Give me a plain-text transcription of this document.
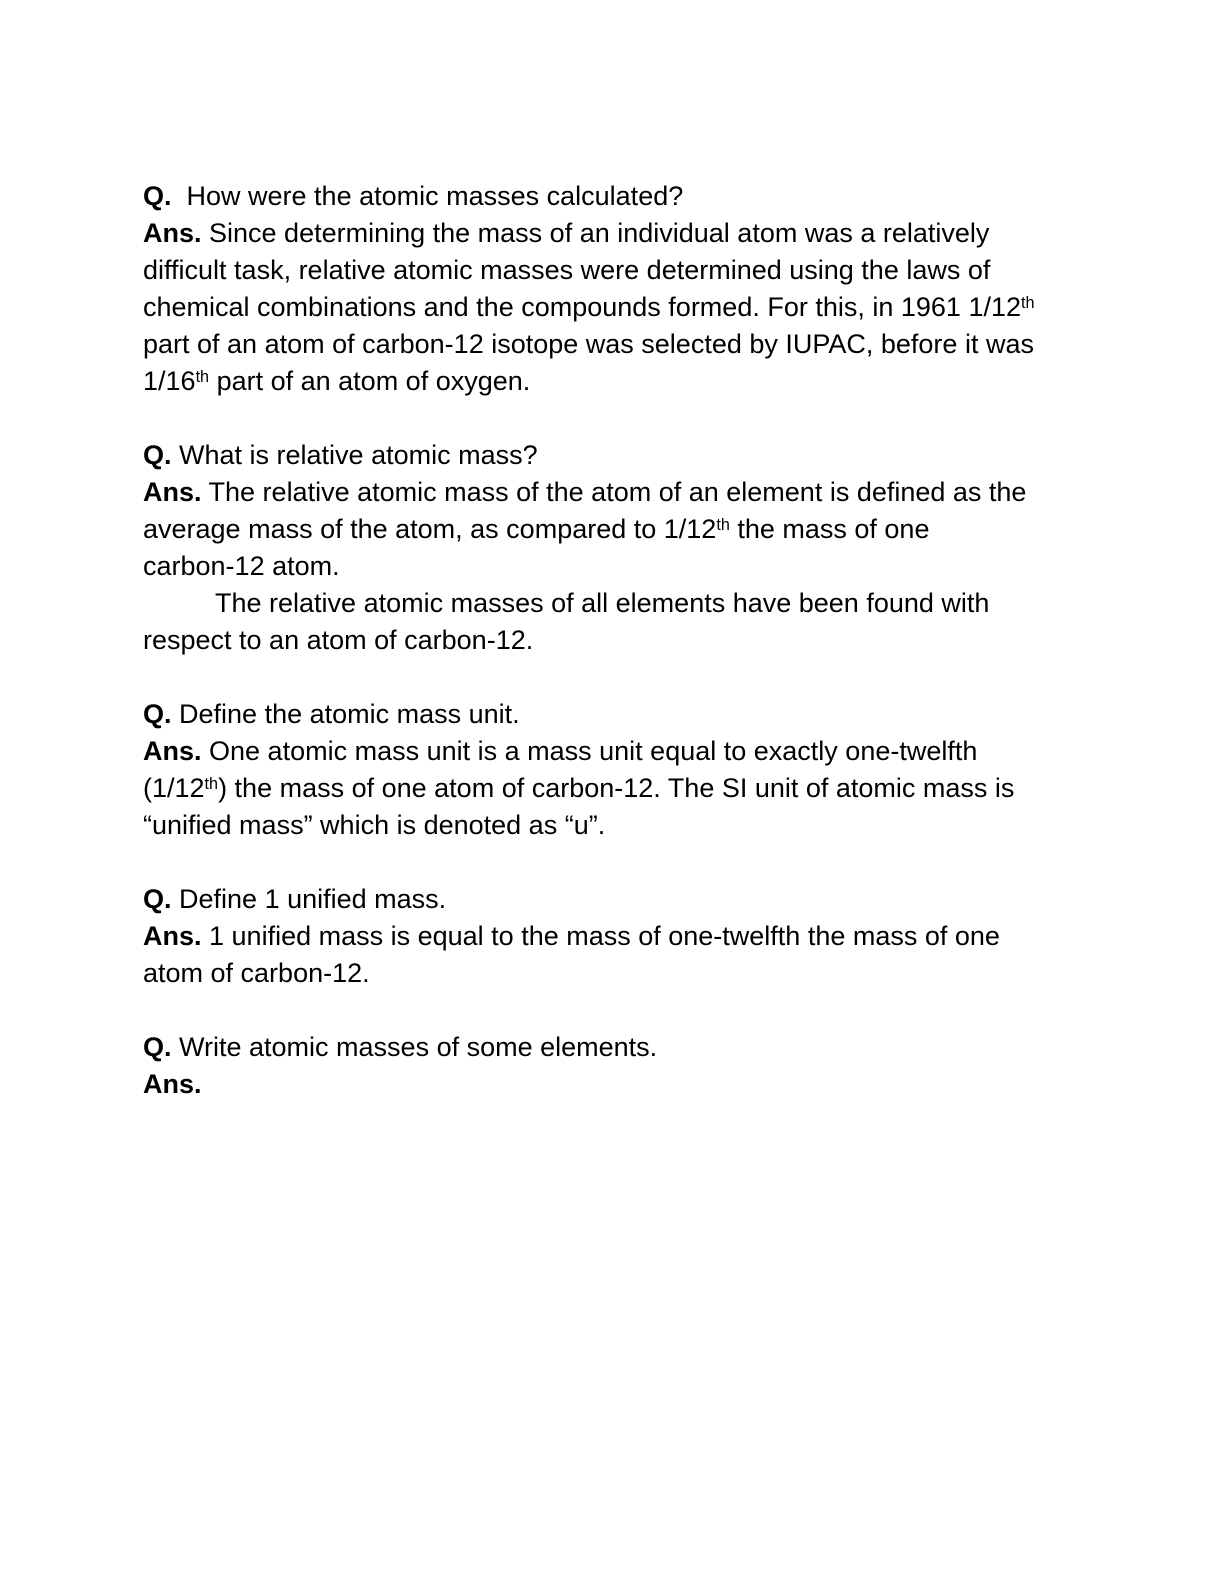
Q.  How were the atomic masses calculated?
Ans. Since determining the mass of an individual atom was a relatively
difficult task, relative atomic masses were determined using the laws of
chemical combinations and the compounds formed. For this, in 1961 1/12th
part of an atom of carbon-12 isotope was selected by IUPAC, before it was
1/16th part of an atom of oxygen.

Q. What is relative atomic mass?
Ans. The relative atomic mass of the atom of an element is defined as the
average mass of the atom, as compared to 1/12th the mass of one
carbon-12 atom.
The relative atomic masses of all elements have been found with
respect to an atom of carbon-12.

Q. Define the atomic mass unit.
Ans. One atomic mass unit is a mass unit equal to exactly one-twelfth
(1/12th) the mass of one atom of carbon-12. The SI unit of atomic mass is
“unified mass” which is denoted as “u”.

Q. Define 1 unified mass.
Ans. 1 unified mass is equal to the mass of one-twelfth the mass of one
atom of carbon-12.

Q. Write atomic masses of some elements.
Ans.
